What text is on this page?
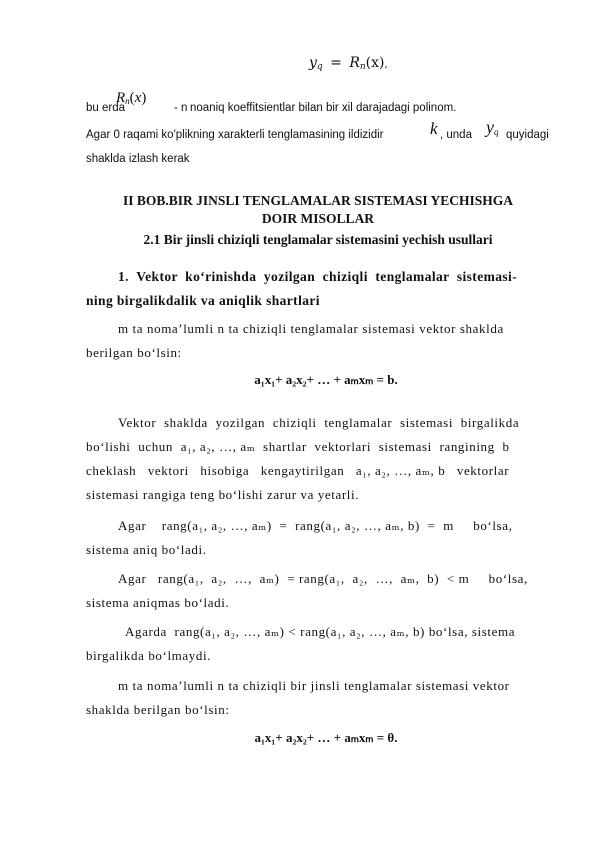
$y_q = R_n(x)$,
bu erda
$R_n(x)$
- n noaniq koeffitsientlar bilan bir xil darajadagi polinom.
Agar 0 raqami ko'plikning xarakterli tenglamasining ildizidir	k , unda $y_q$ quyidagi
shaklda izlash kerak
II BOB.BIR JINSLI TENGLAMALAR SISTEMASI YECHISHGA
DOIR MISOLLAR
2.1 Bir jinsli chiziqli tenglamalar sistemasini yechish usullari
1.  Vektor  ko‘rinishda  yozilgan  chiziqli  tenglamalar  sistemasi-
ning birgalikdalik va aniqlik shartlari
m ta noma’lumli n ta chiziqli tenglamalar sistemasi vektor shaklda
berilgan bo‘lsin:
a₁x₁+ a₂x₂+ … + aₘxₘ = b.
Vektor  shaklda  yozilgan  chiziqli  tenglamalar  sistemasi  birgalikda
bo‘lishi  uchun  a₁, a₂, …, aₘ  shartlar  vektorlari  sistemasi  rangining  b
cheklash   vektori   hisobiga   kengaytirilgan   a₁, a₂, …, aₘ, b   vektorlar
sistemasi rangiga teng bo‘lishi zarur va yetarli.
Agar    rang(a₁, a₂, …, aₘ)  =  rang(a₁, a₂, …, aₘ, b)  =  m     bo‘lsa,
sistema aniq bo‘ladi.
Agar   rang(a₁,  a₂,  …,  aₘ)  = rang(a₁,  a₂,  …,  aₘ,  b)  < m     bo‘lsa,
sistema aniqmas bo‘ladi.
Agarda  rang(a₁, a₂, …, aₘ) < rang(a₁, a₂, …, aₘ, b) bo‘lsa, sistema
birgalikda bo‘lmaydi.
m ta noma’lumli n ta chiziqli bir jinsli tenglamalar sistemasi vektor
shaklda berilgan bo‘lsin:
a₁x₁+ a₂x₂+ … + aₘxₘ = θ.
